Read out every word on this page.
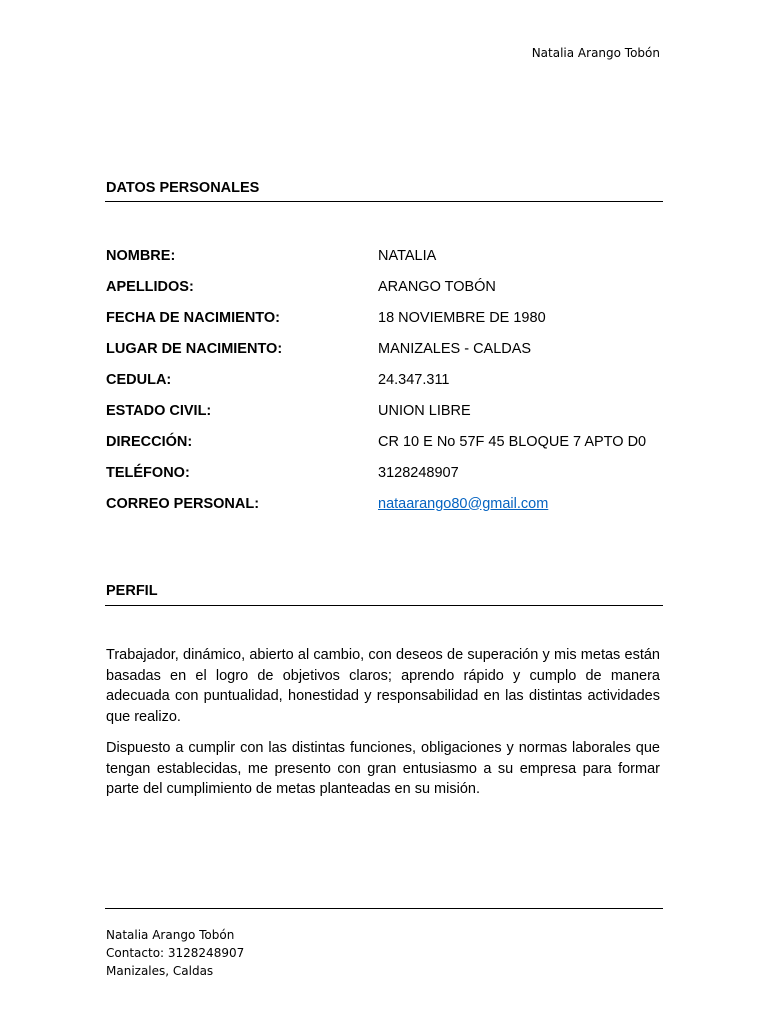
Natalia Arango Tobón
DATOS PERSONALES
NOMBRE:	NATALIA
APELLIDOS:	ARANGO TOBÓN
FECHA DE NACIMIENTO:	18 NOVIEMBRE DE 1980
LUGAR DE NACIMIENTO:	MANIZALES - CALDAS
CEDULA:	24.347.311
ESTADO CIVIL:	UNION LIBRE
DIRECCIÓN:	CR 10 E No 57F 45 BLOQUE 7 APTO D0
TELÉFONO:	3128248907
CORREO PERSONAL:	nataarango80@gmail.com
PERFIL

Trabajador, dinámico, abierto al cambio, con deseos de superación y mis metas están basadas en el logro de objetivos claros; aprendo rápido y cumplo de manera adecuada con puntualidad, honestidad y responsabilidad en las distintas actividades que realizo.

Dispuesto a cumplir con las distintas funciones, obligaciones y normas laborales que tengan establecidas, me presento con gran entusiasmo a su empresa para formar parte del cumplimiento de metas planteadas en su misión.

Natalia Arango Tobón
Contacto: 3128248907
Manizales, Caldas
